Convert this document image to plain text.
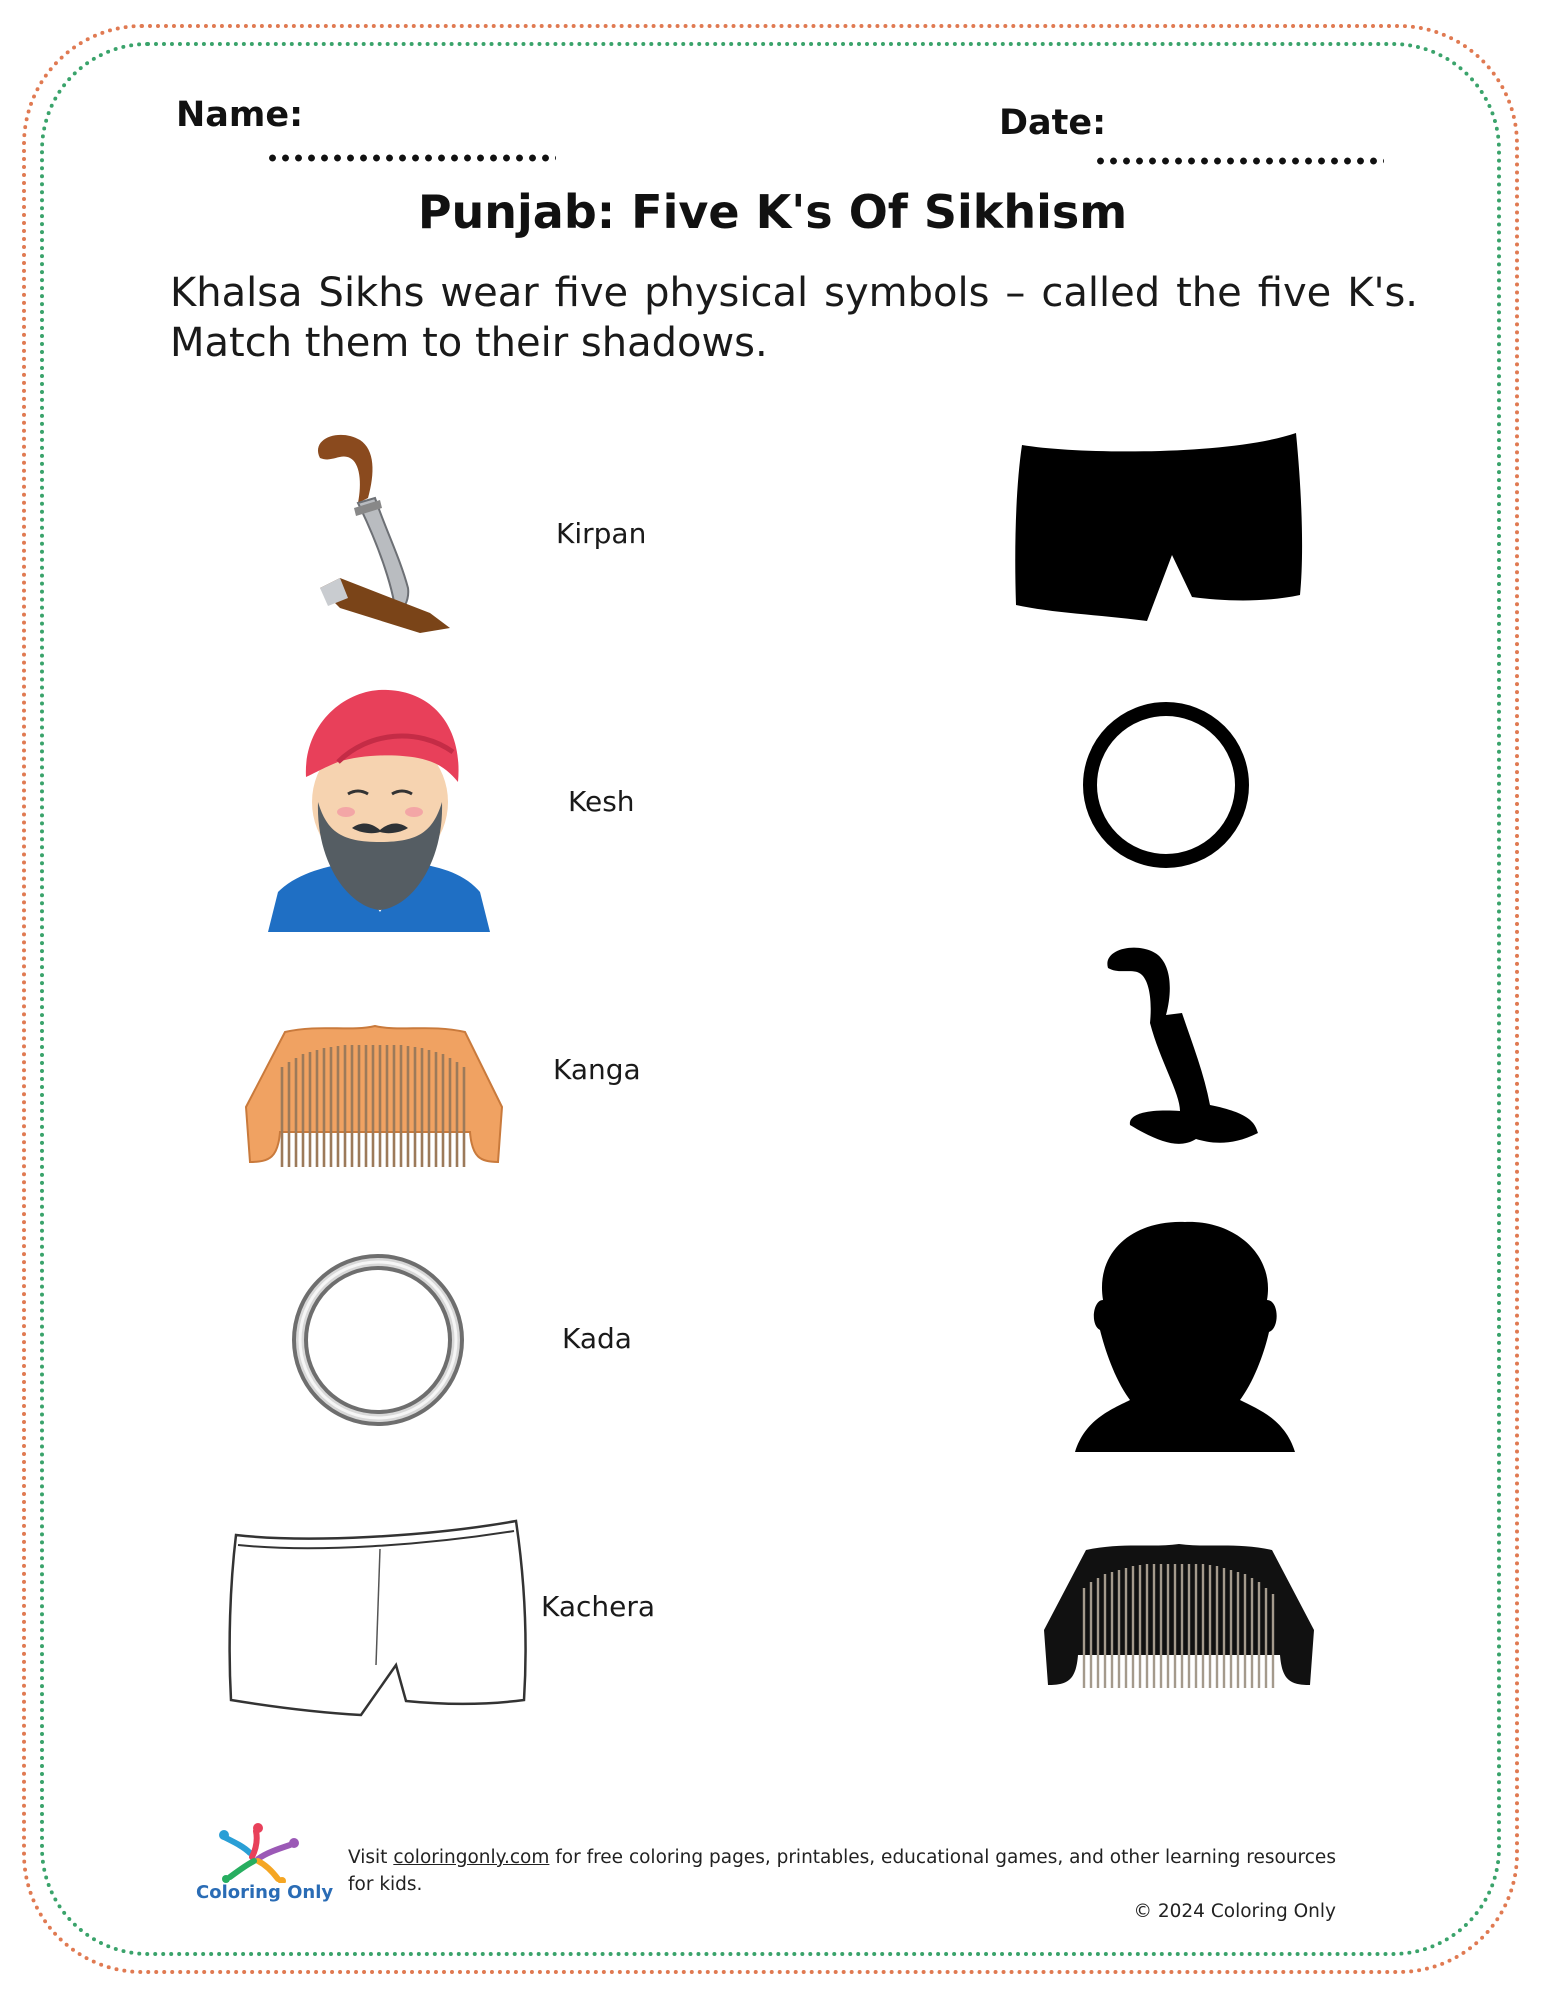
Name:	Date:
Punjab: Five K's Of Sikhism
Khalsa Sikhs wear five physical symbols – called the five K's. Match them to their shadows.
Kirpan
Kesh
Kanga
Kada
Kachera
Coloring Only
Visit coloringonly.com for free coloring pages, printables, educational games, and other learning resources for kids.
© 2024 Coloring Only
